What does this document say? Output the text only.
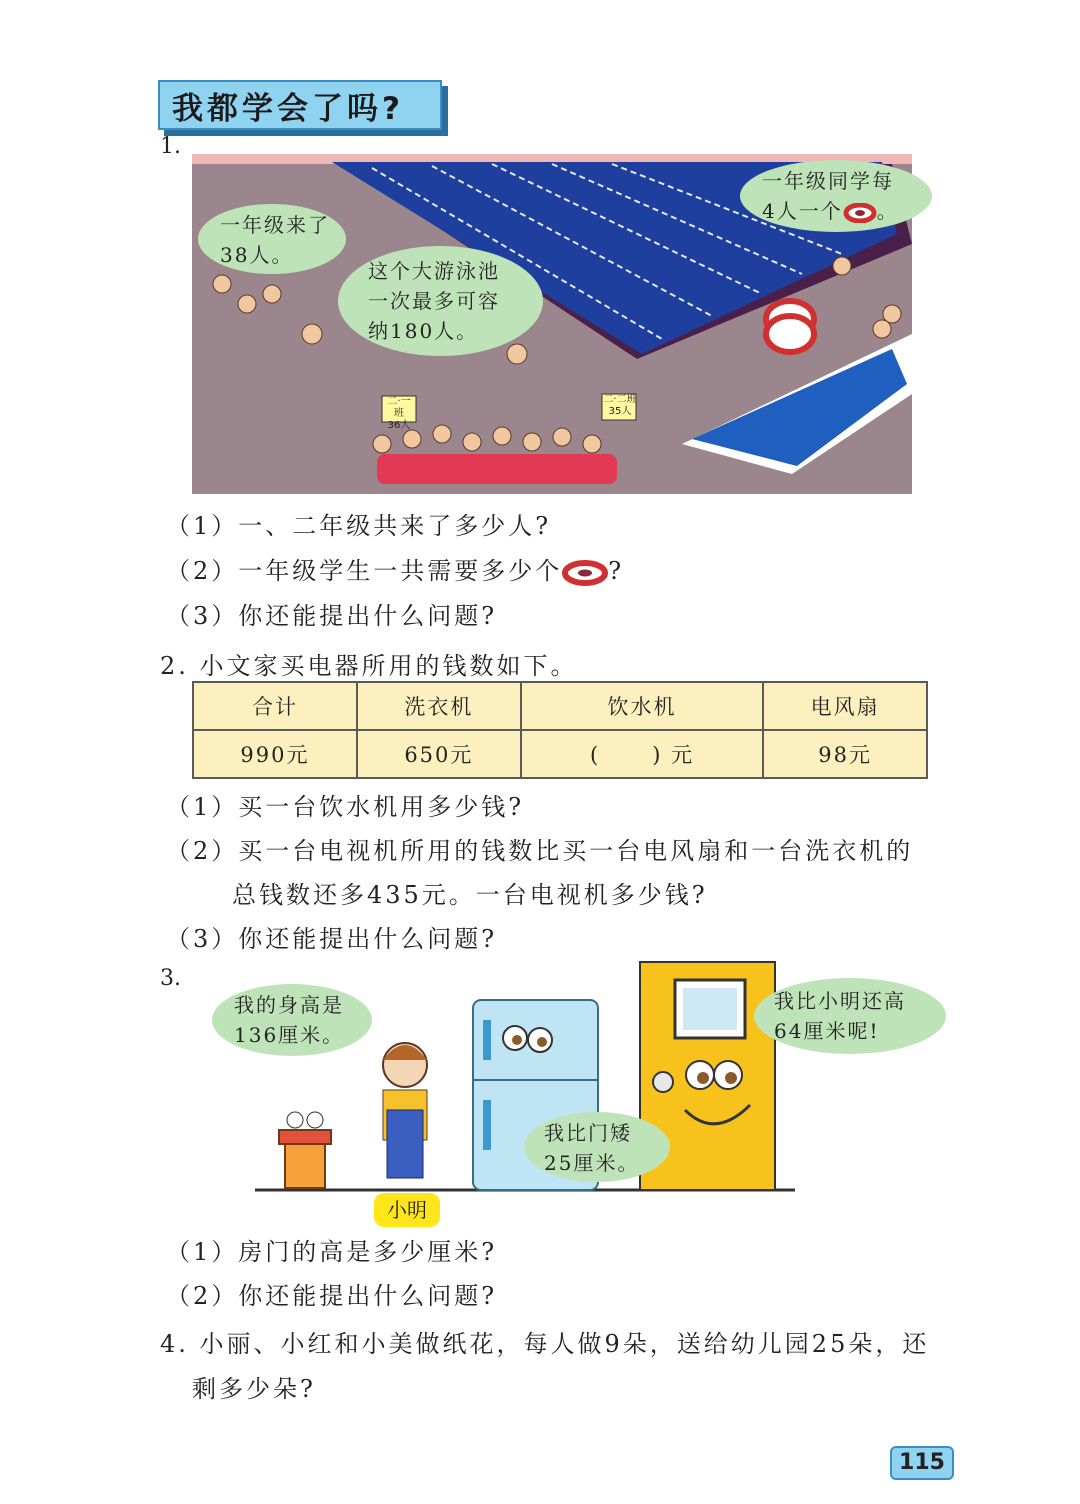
我都学会了吗?
1.
二·一班
36人
二·二班
35人
一年级来了
38人。
这个大游泳池
一次最多可容
纳180人。
一年级同学每
4人一个 。
（1）一、二年级共来了多少人?
（2）一年级学生一共需要多少个 ?
（3）你还能提出什么问题?
2. 小文家买电器所用的钱数如下。
合计	洗衣机	饮水机	电风扇
990元	650元	(      ) 元	98元
（1）买一台饮水机用多少钱?
（2）买一台电视机所用的钱数比买一台电风扇和一台洗衣机的
总钱数还多435元。一台电视机多少钱?
（3）你还能提出什么问题?
3.
我的身高是
136厘米。
我比小明还高
64厘米呢!
我比门矮
25厘米。
小明
（1）房门的高是多少厘米?
（2）你还能提出什么问题?
4. 小丽、小红和小美做纸花，每人做9朵，送给幼儿园25朵，还
剩多少朵?
115
